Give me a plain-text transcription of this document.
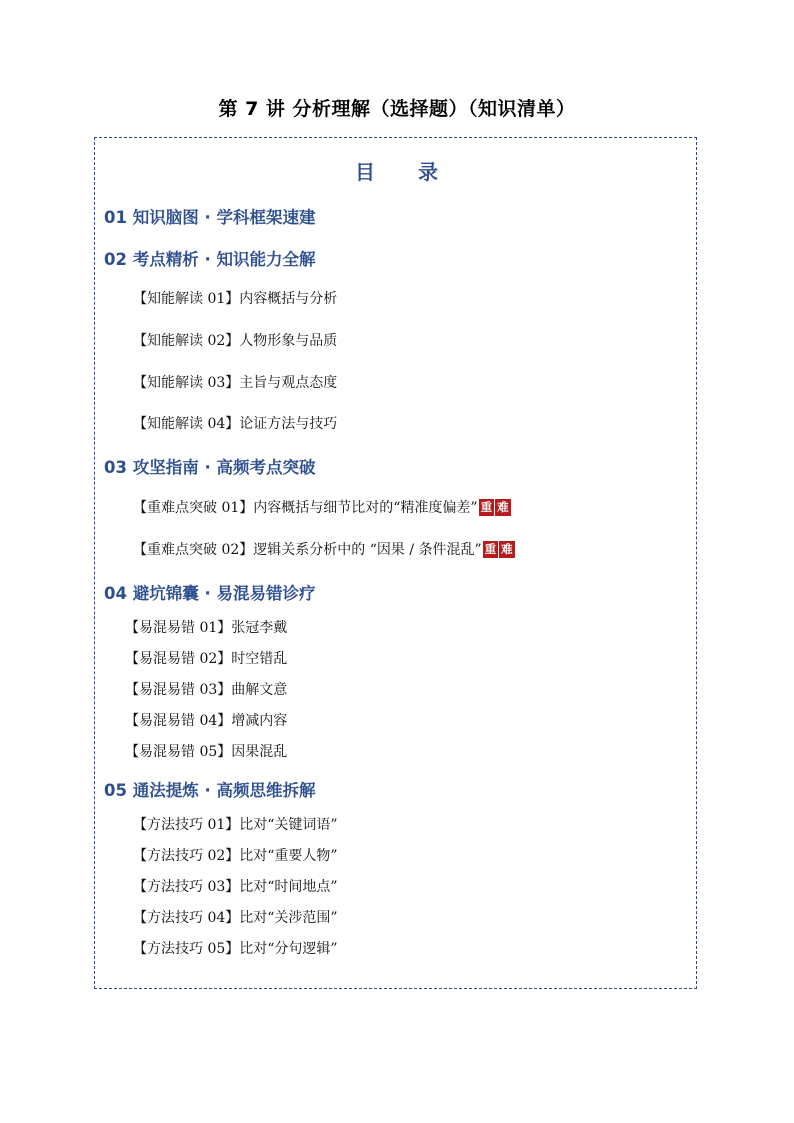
第 7 讲 分析理解（选择题）（知识清单）
目 录
01 知识脑图 · 学科框架速建
02 考点精析 · 知识能力全解
【知能解读 01】内容概括与分析
【知能解读 02】人物形象与品质
【知能解读 03】主旨与观点态度
【知能解读 04】论证方法与技巧
03 攻坚指南 · 高频考点突破
【重难点突破 01】内容概括与细节比对的“精准度偏差” 重 难
【重难点突破 02】逻辑关系分析中的 “因果 / 条件混乱” 重 难
04 避坑锦囊 · 易混易错诊疗
【易混易错 01】张冠李戴
【易混易错 02】时空错乱
【易混易错 03】曲解文意
【易混易错 04】增减内容
【易混易错 05】因果混乱
05 通法提炼 · 高频思维拆解
【方法技巧 01】比对“关键词语”
【方法技巧 02】比对“重要人物”
【方法技巧 03】比对“时间地点”
【方法技巧 04】比对“关涉范围”
【方法技巧 05】比对“分句逻辑”
